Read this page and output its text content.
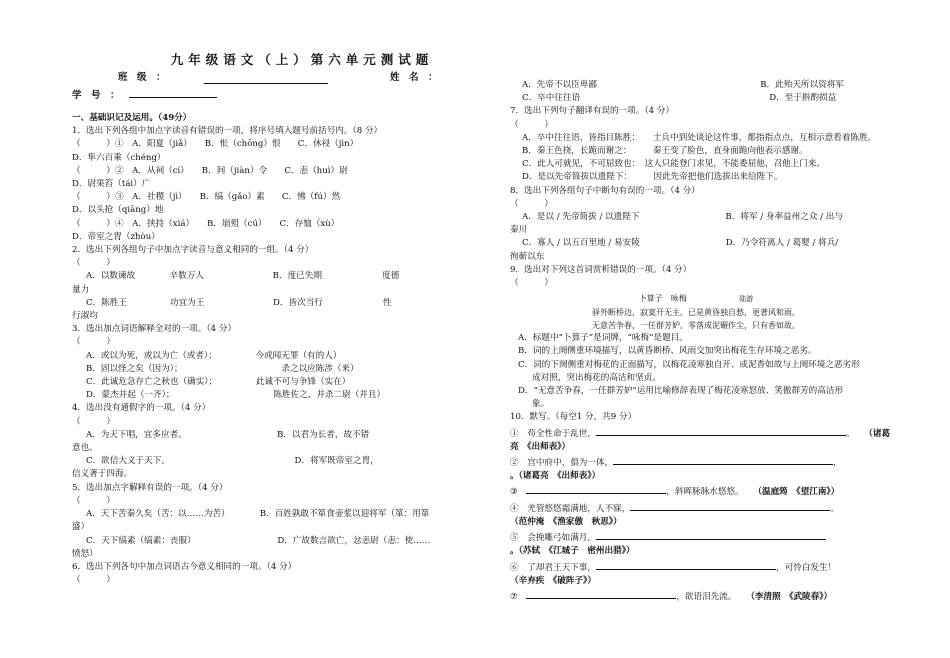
九年级语文（上）第六单元测试题
班　级　：	姓　名　：
学　号　：
一、基础识记及运用。（49分）
1．选出下列各组中加点字读音有错误的一项，将序号填入题号前括号内。（8 分）
（　　　）①　A．阳夏（jiǎ）　　B．怅（chōng）恨　　C．休祲（jìn）
D．隼六百乘（chéng）
（　　　）②　A．从祠（cí）　　B．间（jiàn）令　　C．恚（huì）尉
D．尉果笞（tái）广
（　　　）③　A．社稷（jì）　　B．缟（gǎo）素　　C．怫（fú）然
D．以头抢（qiāng）地
（　　　）④　A．挟持（xiá）　　B．崩殂（cú）　　C．存恤（xù）
D．帝室之胄（zhòu）
2．选出下列各组句子中加点字读音与意义相同的一组。（4 分）
（　　　）
A．以数谏故　　　　辛数万人　　　　　　　　B．度已失期　　　　　　　度德
量力
C．陈胜王　　　　　功宜为王　　　　　　　　D．皆次当行　　　　　　　性
行淑均
3．选出加点词语解释全对的一项。（4 分）
（　　　）
A．或以为死，或以为亡（或者）；　　　　　今或闻无罪（有的人）
B．固以怪之矣（因为）；　　　　　　　　　　　　杀之以应陈涉（来）
C．此诚危急存亡之秋也（确实）；　　　　　此诚不可与争锋（实在）
D．蒙杰并起（一齐）；　　　　　　　　　　　　陈胜佐之，并杀二尉（并且）
4．选出没有通假字的一项。（4 分）
（　　　）
A．为天下唱，宜多应者。　　　　　　　　　　　B．以君为长者，故不错
意也。
C．欲信大义于天下。　　　　　　　　　　　　　　　D．将军既帝室之胄，
信义著于四海。
5．选出加点字解释有误的一项。（4 分）
（　　　）
A．天下苦秦久矣（苦：以……为苦）　　　　B．百姓孰敢不箪食壶浆以迎将军（箪：用箪
盛）
C．天下缟素（缟素：丧服）　　　　　　　　　　D．广故数言欲亡，忿恚尉（恚：使……
愤怒）
6．选出下列各句中加点词语古今意义相同的一项。（4 分）
（　　　）
A．先帝不以臣卑鄙　　　　　　　　　　　　　　　　　　　B．此殆天所以资将军
C．卒中往往语　　　　　　　　　　　　　　　　　　　　　　D．至于斟酌损益
7．选出下列句子翻译有误的一项。（4 分）
（　　　）
A．卒中往往语，皆指目陈胜：　　士兵中到处谈论这件事，都指指点点，互相示意看着陈胜。
B．秦王色挠，长跪而谢之：　　　秦王变了脸色，直身面跪向他表示感谢。
C．此人可就见，不可屈致也：　这人只能登门求见，不能委屈他，召他上门来。
D．是以先帝简拔以遗陛下：　　　因此先帝把他们选拔出来给陛下。
8．选出下列各组句子中断句有误的一项。（4 分）
（　　　）
A．是以 / 先帝简拔 / 以遗陛下　　　　　　　　　　B．将军 / 身率益州之众 / 出与
秦川
C．寡人 / 以五百里地 / 易安陵　　　　　　　　　　D．乃令符离人 / 葛婴 / 将兵/
徇蕲以东
9．选出对下列这首词赏析错误的一项。（4 分）
（　　　）
卜算子　咏梅	陆游
驿外断桥边，寂寞开无主。已是黄昏独自愁，更著风和雨。
无意苦争春，一任群芳妒。零落成泥碾作尘，只有香如故。
A．标题中“卜算子”是词牌，“咏梅”是题目。
B．词的上阕侧重环境描写，以黄昏断桥、风雨交加突出梅花生存环境之恶劣。
C．词的下阕侧重对梅花的正面描写，以梅花凌寒独自开、成泥香如故与上阕环境之恶劣形
成对照，突出梅花的高洁和坚贞。
D．“无意苦争春，一任群芳妒”运用比喻修辞表现了梅花凌寒怒放、笑傲群芳的高洁形
象。
10．默写。（每空1 分，共9 分）
①　 苟全性命于乱世，	。 （诸葛
亮　《出师表》）
②　 宫中府中，俱为一体，	，
。（诸葛亮　《出师表》）
③　	，斜晖脉脉水悠悠。 （温庭筠　《望江南》）
④　 羌管悠悠霜满地，人不寐，	。
（范仲淹　《渔家傲　秋思》）
⑤　 会挽雕弓如满月，
。（苏轼　《江城子　密州出猎》）
⑥　 了却君王天下事，	，可怜白发生！
（辛弃疾　《破阵子》）
⑦　	，欲语泪先流。 （李清照　《武陵春》）
